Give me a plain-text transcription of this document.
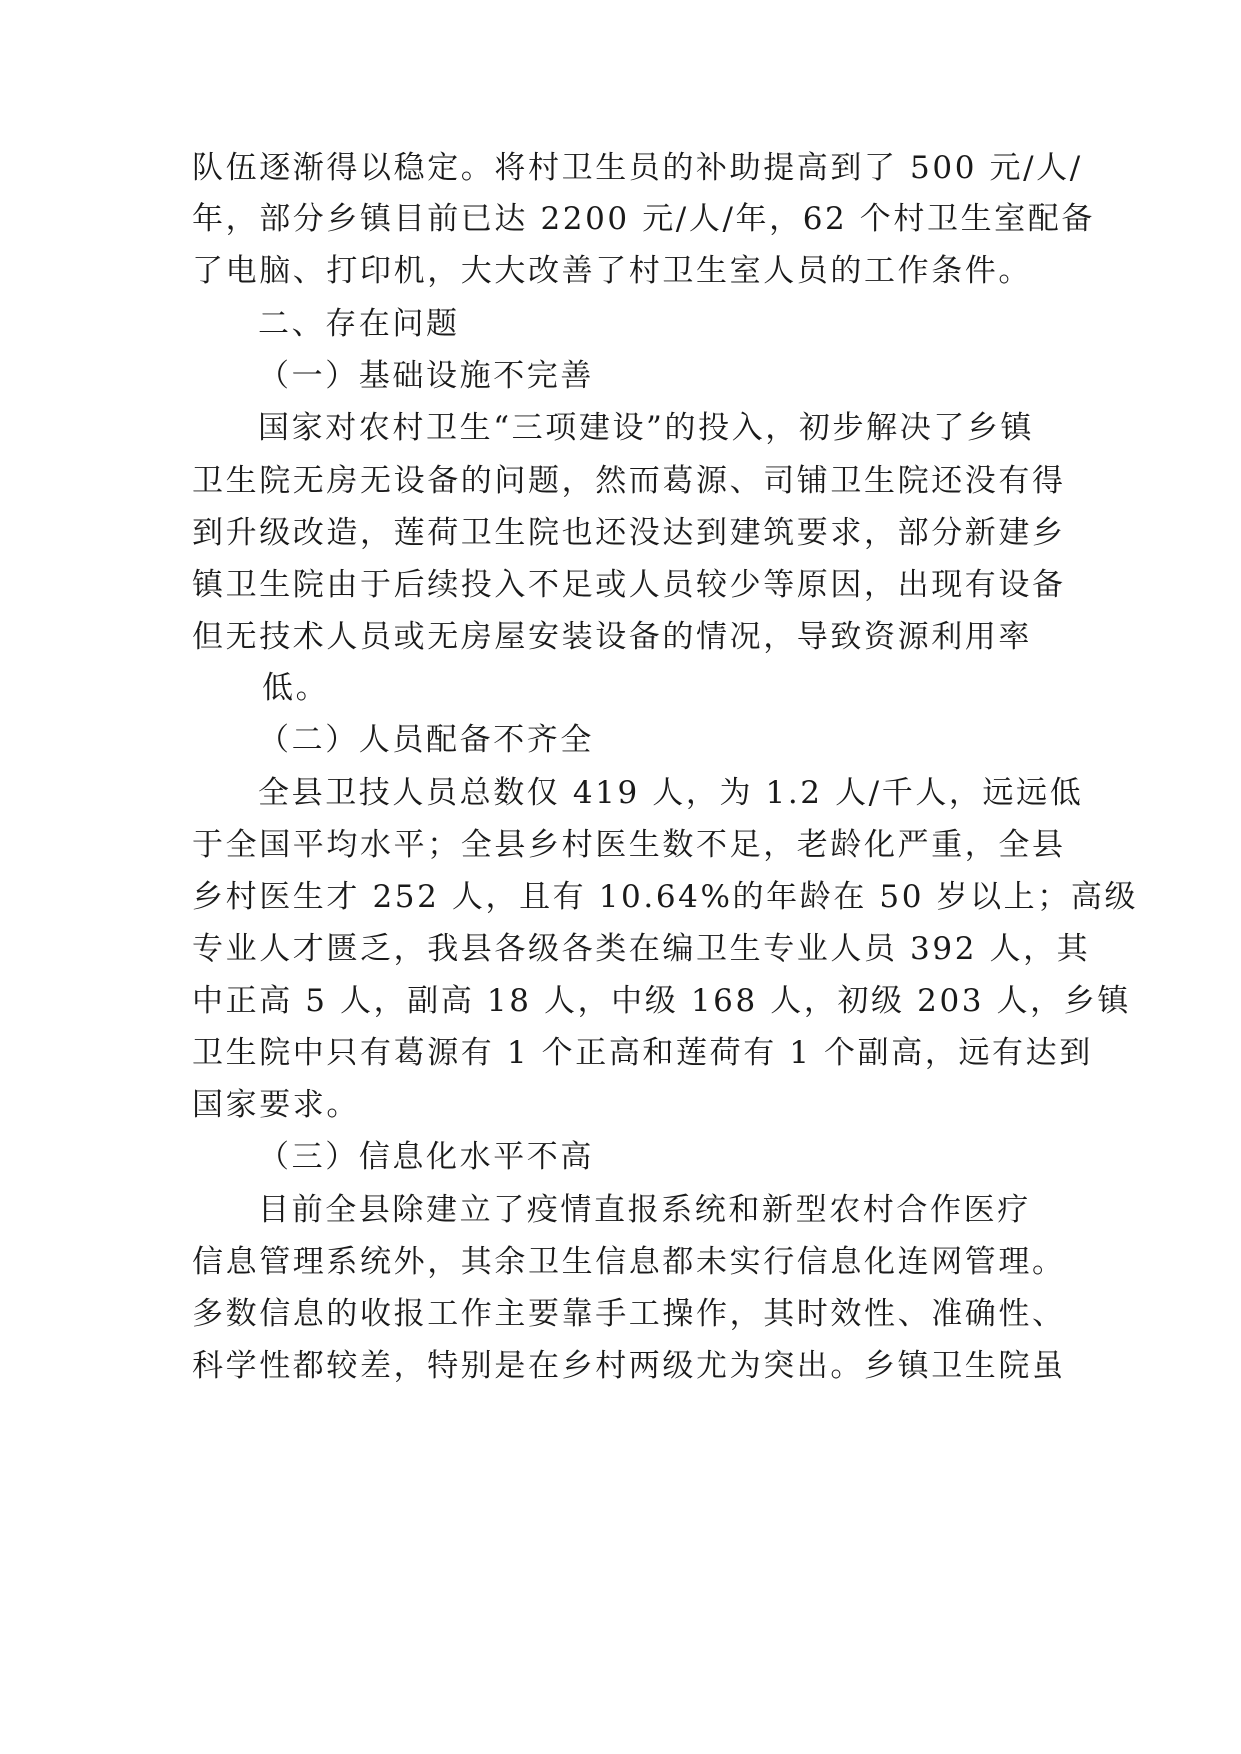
队伍逐渐得以稳定。将村卫生员的补助提高到了 500 元/人/
年，部分乡镇目前已达 2200 元/人/年，62 个村卫生室配备
了电脑、打印机，大大改善了村卫生室人员的工作条件。
二、存在问题
（一）基础设施不完善
国家对农村卫生“三项建设”的投入，初步解决了乡镇
卫生院无房无设备的问题，然而葛源、司铺卫生院还没有得
到升级改造，莲荷卫生院也还没达到建筑要求，部分新建乡
镇卫生院由于后续投入不足或人员较少等原因，出现有设备
但无技术人员或无房屋安装设备的情况，导致资源利用率
低。
（二）人员配备不齐全
全县卫技人员总数仅 419 人，为 1.2 人/千人，远远低
于全国平均水平；全县乡村医生数不足，老龄化严重，全县
乡村医生才 252 人，且有 10.64%的年龄在 50 岁以上；高级
专业人才匮乏，我县各级各类在编卫生专业人员 392 人，其
中正高 5 人，副高 18 人，中级 168 人，初级 203 人，乡镇
卫生院中只有葛源有 1 个正高和莲荷有 1 个副高，远有达到
国家要求。
（三）信息化水平不高
目前全县除建立了疫情直报系统和新型农村合作医疗
信息管理系统外，其余卫生信息都未实行信息化连网管理。
多数信息的收报工作主要靠手工操作，其时效性、准确性、
科学性都较差，特别是在乡村两级尤为突出。乡镇卫生院虽
